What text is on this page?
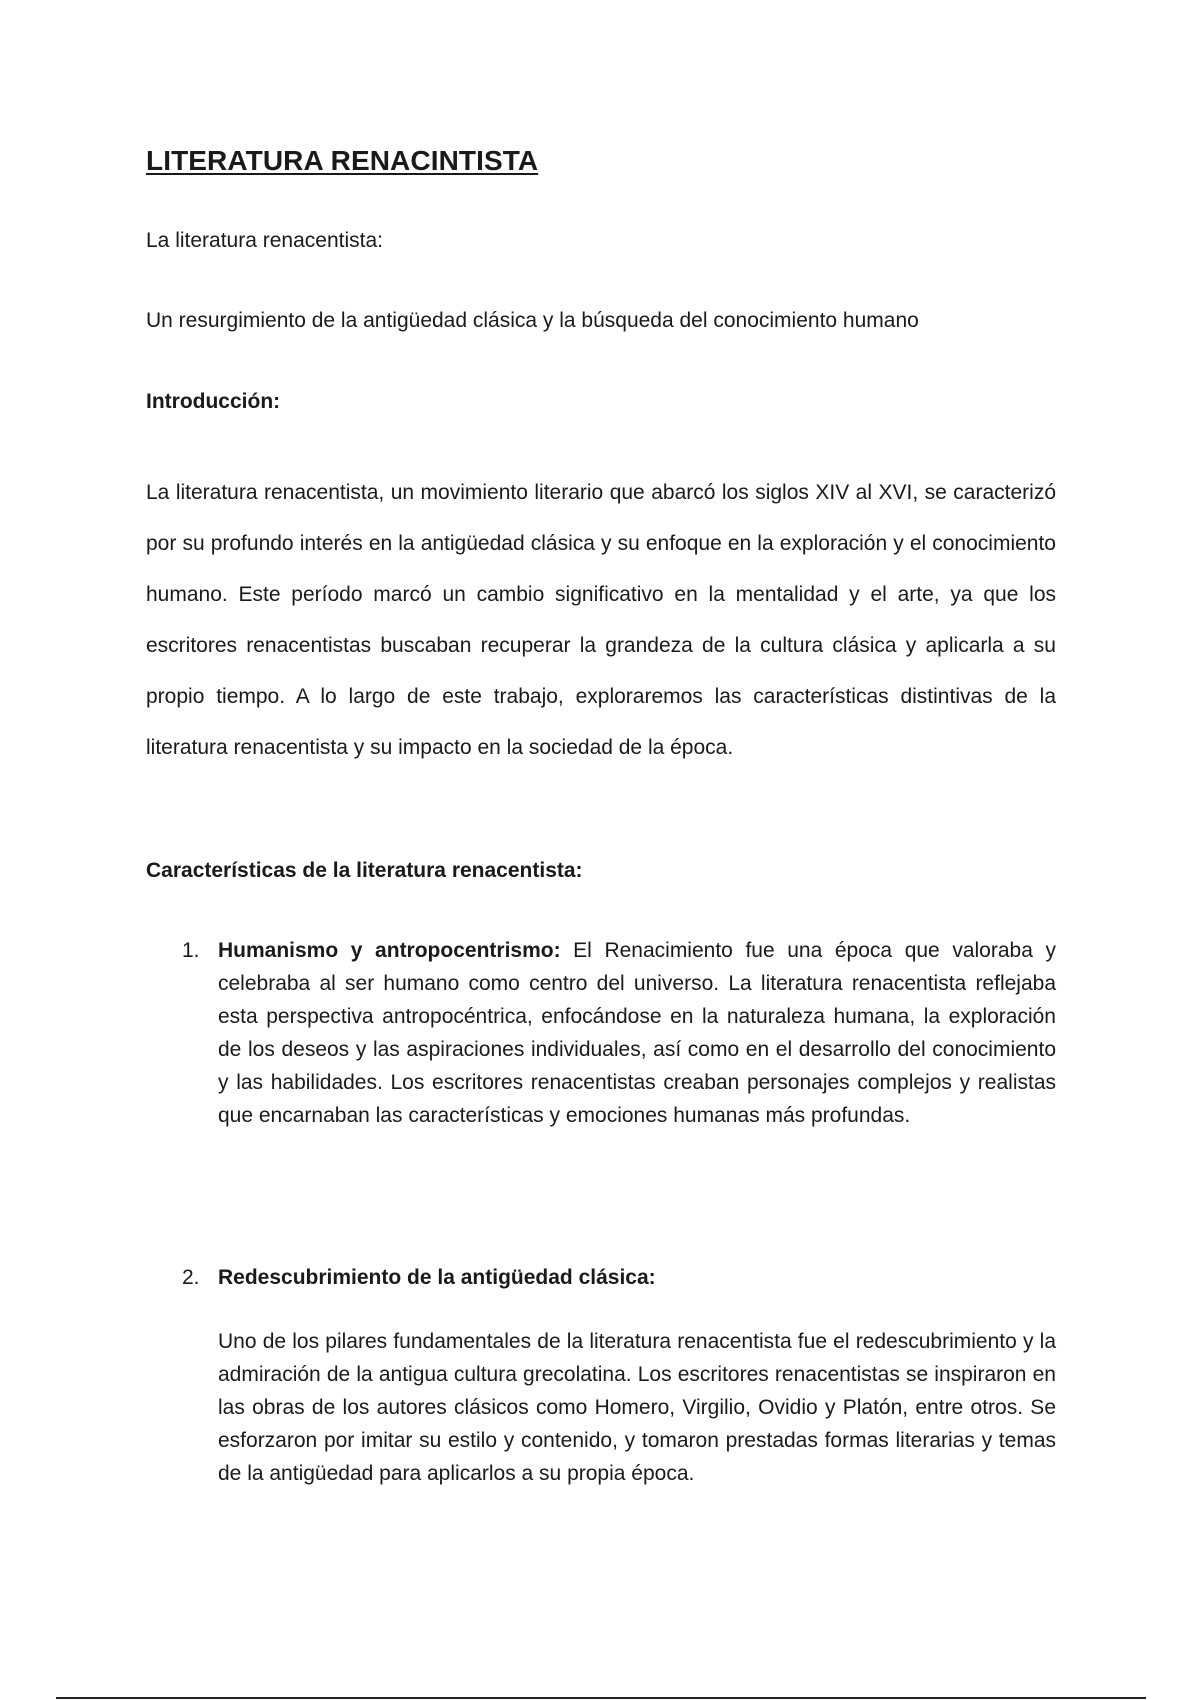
LITERATURA RENACINTISTA

La literatura renacentista:

Un resurgimiento de la antigüedad clásica y la búsqueda del conocimiento humano

Introducción:

La literatura renacentista, un movimiento literario que abarcó los siglos XIV al XVI, se caracterizó por su profundo interés en la antigüedad clásica y su enfoque en la exploración y el conocimiento humano. Este período marcó un cambio significativo en la mentalidad y el arte, ya que los escritores renacentistas buscaban recuperar la grandeza de la cultura clásica y aplicarla a su propio tiempo. A lo largo de este trabajo, exploraremos las características distintivas de la literatura renacentista y su impacto en la sociedad de la época.

Características de la literatura renacentista:

1. Humanismo y antropocentrismo: El Renacimiento fue una época que valoraba y celebraba al ser humano como centro del universo. La literatura renacentista reflejaba esta perspectiva antropocéntrica, enfocándose en la naturaleza humana, la exploración de los deseos y las aspiraciones individuales, así como en el desarrollo del conocimiento y las habilidades. Los escritores renacentistas creaban personajes complejos y realistas que encarnaban las características y emociones humanas más profundas.

2. Redescubrimiento de la antigüedad clásica:

Uno de los pilares fundamentales de la literatura renacentista fue el redescubrimiento y la admiración de la antigua cultura grecolatina. Los escritores renacentistas se inspiraron en las obras de los autores clásicos como Homero, Virgilio, Ovidio y Platón, entre otros. Se esforzaron por imitar su estilo y contenido, y tomaron prestadas formas literarias y temas de la antigüedad para aplicarlos a su propia época.
